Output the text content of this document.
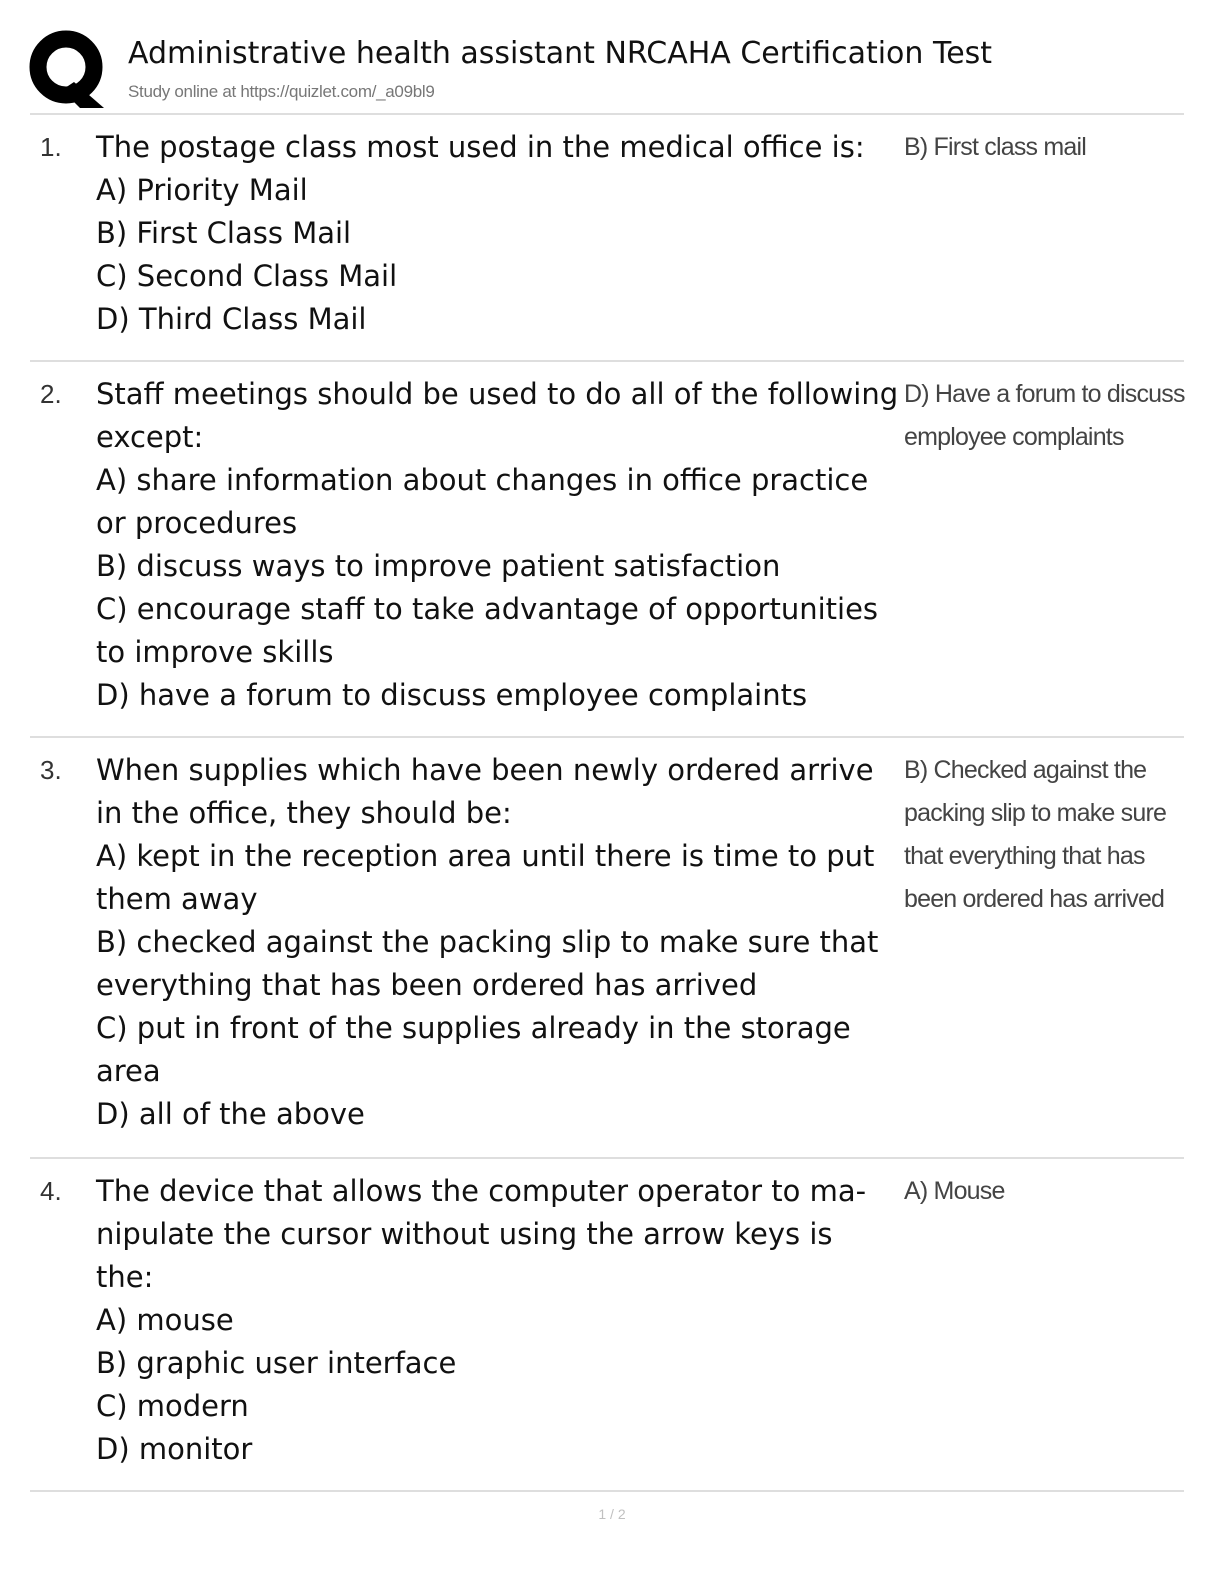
Administrative health assistant NRCAHA Certification Test
Study online at https://quizlet.com/_a09bl9
1. The postage class most used in the medical office is:
A) Priority Mail
B) First Class Mail
C) Second Class Mail
D) Third Class Mail
B) First class mail
2. Staff meetings should be used to do all of the following
except:
A) share information about changes in office practice
or procedures
B) discuss ways to improve patient satisfaction
C) encourage staff to take advantage of opportunities
to improve skills
D) have a forum to discuss employee complaints
D) Have a forum to discuss
employee complaints
3. When supplies which have been newly ordered arrive
in the office, they should be:
A) kept in the reception area until there is time to put
them away
B) checked against the packing slip to make sure that
everything that has been ordered has arrived
C) put in front of the supplies already in the storage
area
D) all of the above
B) Checked against the
packing slip to make sure
that everything that has
been ordered has arrived
4. The device that allows the computer operator to ma-
nipulate the cursor without using the arrow keys is
the:
A) mouse
B) graphic user interface
C) modern
D) monitor
A) Mouse
1 / 2
